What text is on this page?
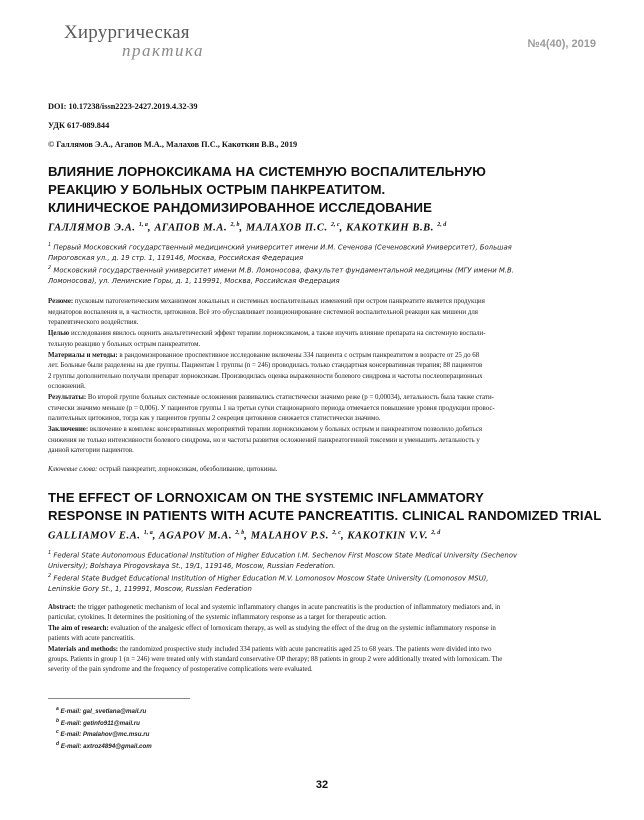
Хирургическая
практика	№4(40), 2019
DOI: 10.17238/issn2223-2427.2019.4.32-39
УДК 617-089.844
© Галлямов Э.А., Агапов М.А., Малахов П.С., Какоткин В.В., 2019
ВЛИЯНИЕ ЛОРНОКСИКАМА НА СИСТЕМНУЮ ВОСПАЛИТЕЛЬНУЮ
РЕАКЦИЮ У БОЛЬНЫХ ОСТРЫМ ПАНКРЕАТИТОМ.
КЛИНИЧЕСКОЕ РАНДОМИЗИРОВАННОЕ ИССЛЕДОВАНИЕ
ГАЛЛЯМОВ Э.А. $^{1, a}$, АГАПОВ М.А. $^{2, b}$, МАЛАХОВ П.С. $^{2, c}$, КАКОТКИН В.В. $^{2, d}$
$^1$ Первый Московский государственный медицинский университет имени И.М. Сеченова (Сеченовский Университет), Большая
Пироговская ул., д. 19 стр. 1, 119146, Москва, Российская Федерация
$^2$ Московский государственный университет имени М.В. Ломоносова, факультет фундаментальной медицины (МГУ имени М.В.
Ломоносова), ул. Ленинские Горы, д. 1, 119991, Москва, Российская Федерация

Резюме: пусковым патогенетическим механизмом локальных и системных воспалительных изменений при остром панкреатите является продукция
медиаторов воспаления и, в частности, цитокинов. Всё это обуславливает позиционирование системной воспалительной реакции как мишени для
терапевтического воздействия.

Целью исследования явилось оценить анальгетический эффект терапии лорноксикамом, а также изучить влияние препарата на системную воспали-
тельную реакцию у больных острым панкреатитом.

Материалы и методы: в рандомизированное проспективное исследование включены 334 пациента с острым панкреатитом в возрасте от 25 до 68
лет. Больные были разделены на две группы. Пациентам 1 группы (n = 246) проводилась только стандартная консервативная терапия; 88 пациентов
2 группы дополнительно получали препарат лорноксикам. Производилась оценка выраженности болевого синдрома и частоты послеоперационных
осложнений.

Результаты: Во второй группе больных системные осложнения развивались статистически значимо реже (p = 0,00034), летальность была также стати-
стически значимо меньше (p = 0,006). У пациентов группы 1 на третьи сутки стационарного периода отмечается повышение уровня продукции провос-
палительных цитокинов, тогда как у пациентов группы 2 секреция цитокинов снижается статистически значимо.

Заключение: включение в комплекс консервативных мероприятий терапии лорноксикамом у больных острым и панкреатитом позволило добиться
снижения не только интенсивности болевого синдрома, но и частоты развития осложнений панкреатогенной токсемии и уменьшить летальность у
данной категории пациентов.

Ключевые слова: острый панкреатит, лорноксикам, обезболивание, цитокины.
THE EFFECT OF LORNOXICAM ON THE SYSTEMIC INFLAMMATORY
RESPONSE IN PATIENTS WITH ACUTE PANCREATITIS. CLINICAL RANDOMIZED TRIAL
GALLIAMOV E.A. $^{1, a}$, AGAPOV M.A. $^{2, b}$, MALAHOV P.S. $^{2, c}$, KAKOTKIN V.V. $^{2, d}$
$^1$ Federal State Autonomous Educational Institution of Higher Education I.M. Sechenov First Moscow State Medical University (Sechenov
University); Bolshaya Pirogovskaya St., 19/1, 119146, Moscow, Russian Federation.
$^2$ Federal State Budget Educational Institution of Higher Education M.V. Lomonosov Moscow State University (Lomonosov MSU),
Leninskie Gory St., 1, 119991, Moscow, Russian Federation

Abstract: the trigger pathogenetic mechanism of local and systemic inflammatory changes in acute pancreatitis is the production of inflammatory mediators and, in
particular, cytokines. It determines the positioning of the systemic inflammatory response as a target for therapeutic action.

The aim of research: evaluation of the analgesic effect of lornoxicam therapy, as well as studying the effect of the drug on the systemic inflammatory response in
patients with acute pancreatitis.

Materials and methods: the randomized prospective study included 334 patients with acute pancreatitis aged 25 to 68 years. The patients were divided into two
groups. Patients in group 1 (n = 246) were treated only with standard conservative OP therapy; 88 patients in group 2 were additionally treated with lornoxicam. The
severity of the pain syndrome and the frequency of postoperative complications were evaluated.

$^a$ E-mail: gal_svetlana@mail.ru
$^b$ E-mail: getinfo911@mail.ru
$^c$ E-mail: Pmalahov@mc.msu.ru
$^d$ E-mail: axtroz4894@gmail.com
32
